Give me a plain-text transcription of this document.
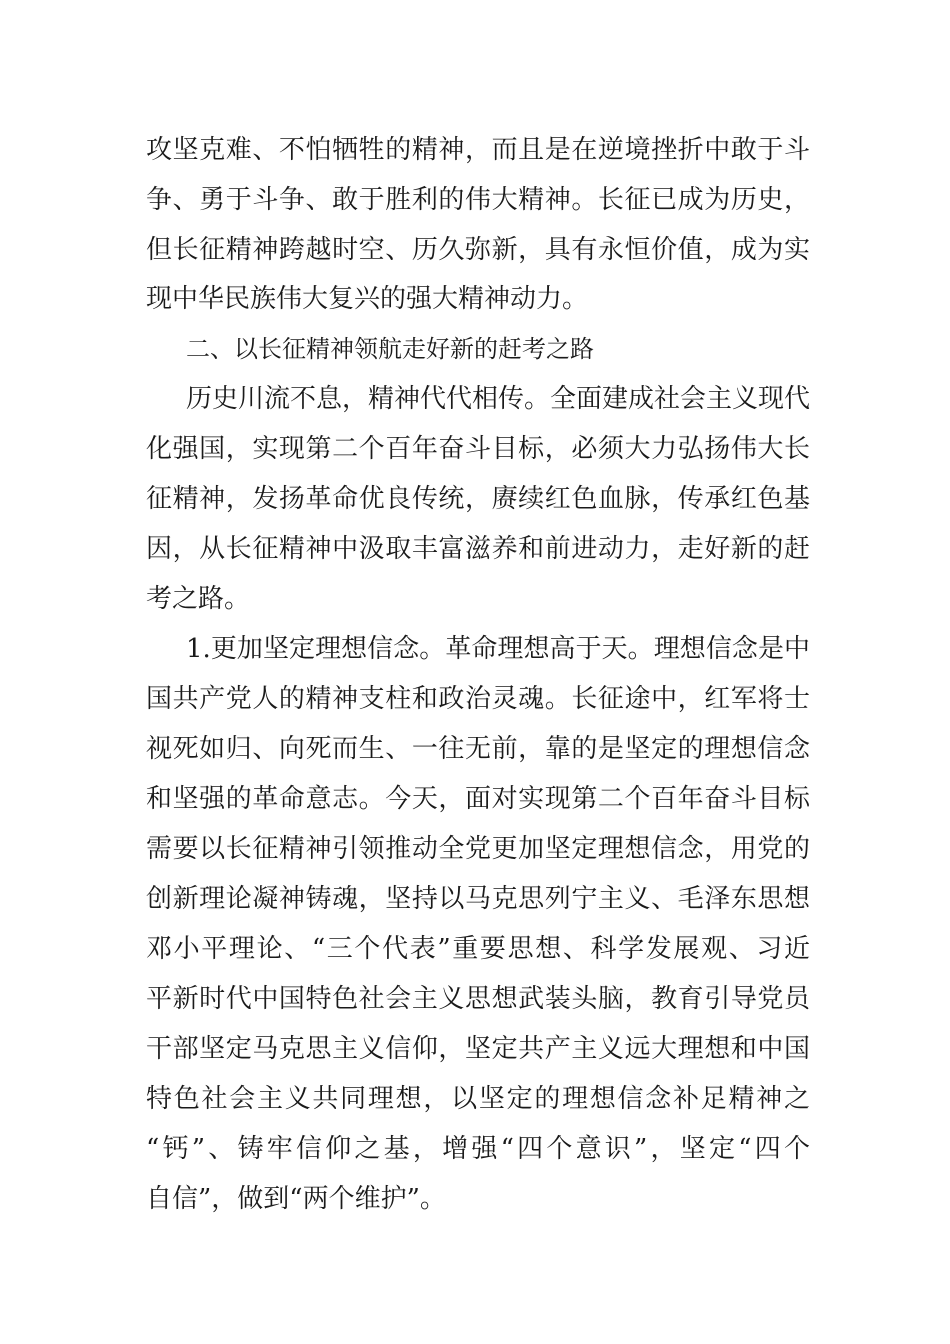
攻坚克难、不怕牺牲的精神，而且是在逆境挫折中敢于斗
争、勇于斗争、敢于胜利的伟大精神。长征已成为历史，
但长征精神跨越时空、历久弥新，具有永恒价值，成为实
现中华民族伟大复兴的强大精神动力。
二、以长征精神领航走好新的赶考之路
历史川流不息，精神代代相传。全面建成社会主义现代
化强国，实现第二个百年奋斗目标，必须大力弘扬伟大长
征精神，发扬革命优良传统，赓续红色血脉，传承红色基
因，从长征精神中汲取丰富滋养和前进动力，走好新的赶
考之路。
1.更加坚定理想信念。革命理想高于天。理想信念是中
国共产党人的精神支柱和政治灵魂。长征途中，红军将士
视死如归、向死而生、一往无前，靠的是坚定的理想信念
和坚强的革命意志。今天，面对实现第二个百年奋斗目标
需要以长征精神引领推动全党更加坚定理想信念，用党的
创新理论凝神铸魂，坚持以马克思列宁主义、毛泽东思想
邓小平理论、“三个代表”重要思想、科学发展观、习近
平新时代中国特色社会主义思想武装头脑，教育引导党员
干部坚定马克思主义信仰，坚定共产主义远大理想和中国
特色社会主义共同理想，以坚定的理想信念补足精神之
“钙”、铸牢信仰之基，增强“四个意识”，坚定“四个
自信”，做到“两个维护”。
